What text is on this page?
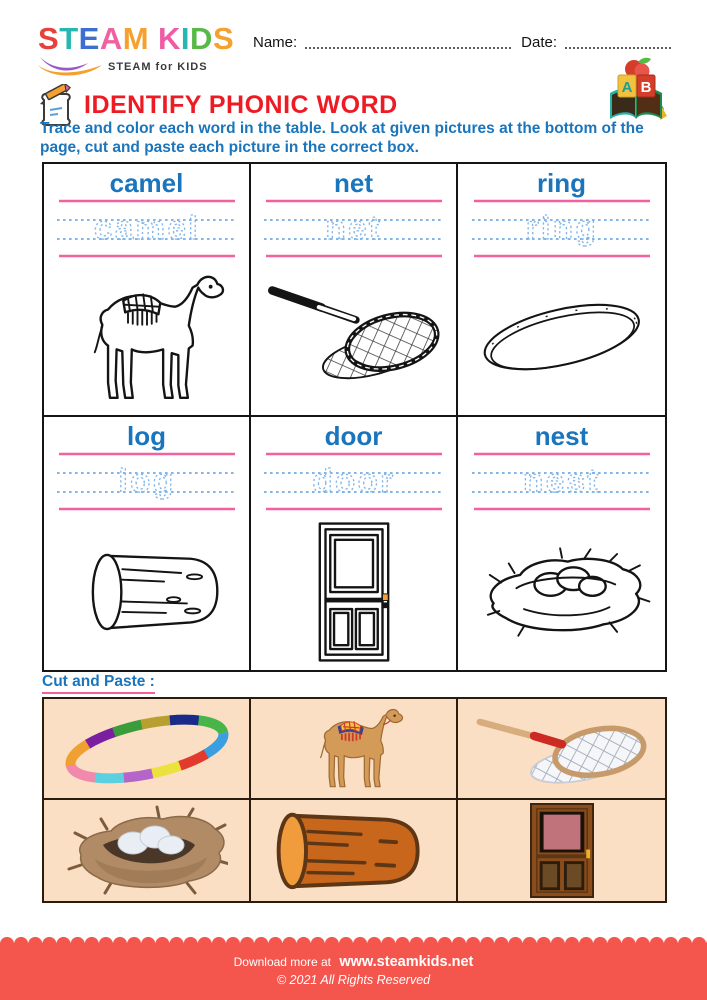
STEAM KIDS
STEAM for KIDS
Name:	Date:
A B
IDENTIFY PHONIC WORD
Trace and color each word in the table. Look at given pictures at the bottom of the page, cut and paste each picture in the correct box.
camel
camel
net
net
ring
ring
log
log
door
door
nest
nest
Cut and Paste :
Download more at www.steamkids.net
© 2021 All Rights Reserved
